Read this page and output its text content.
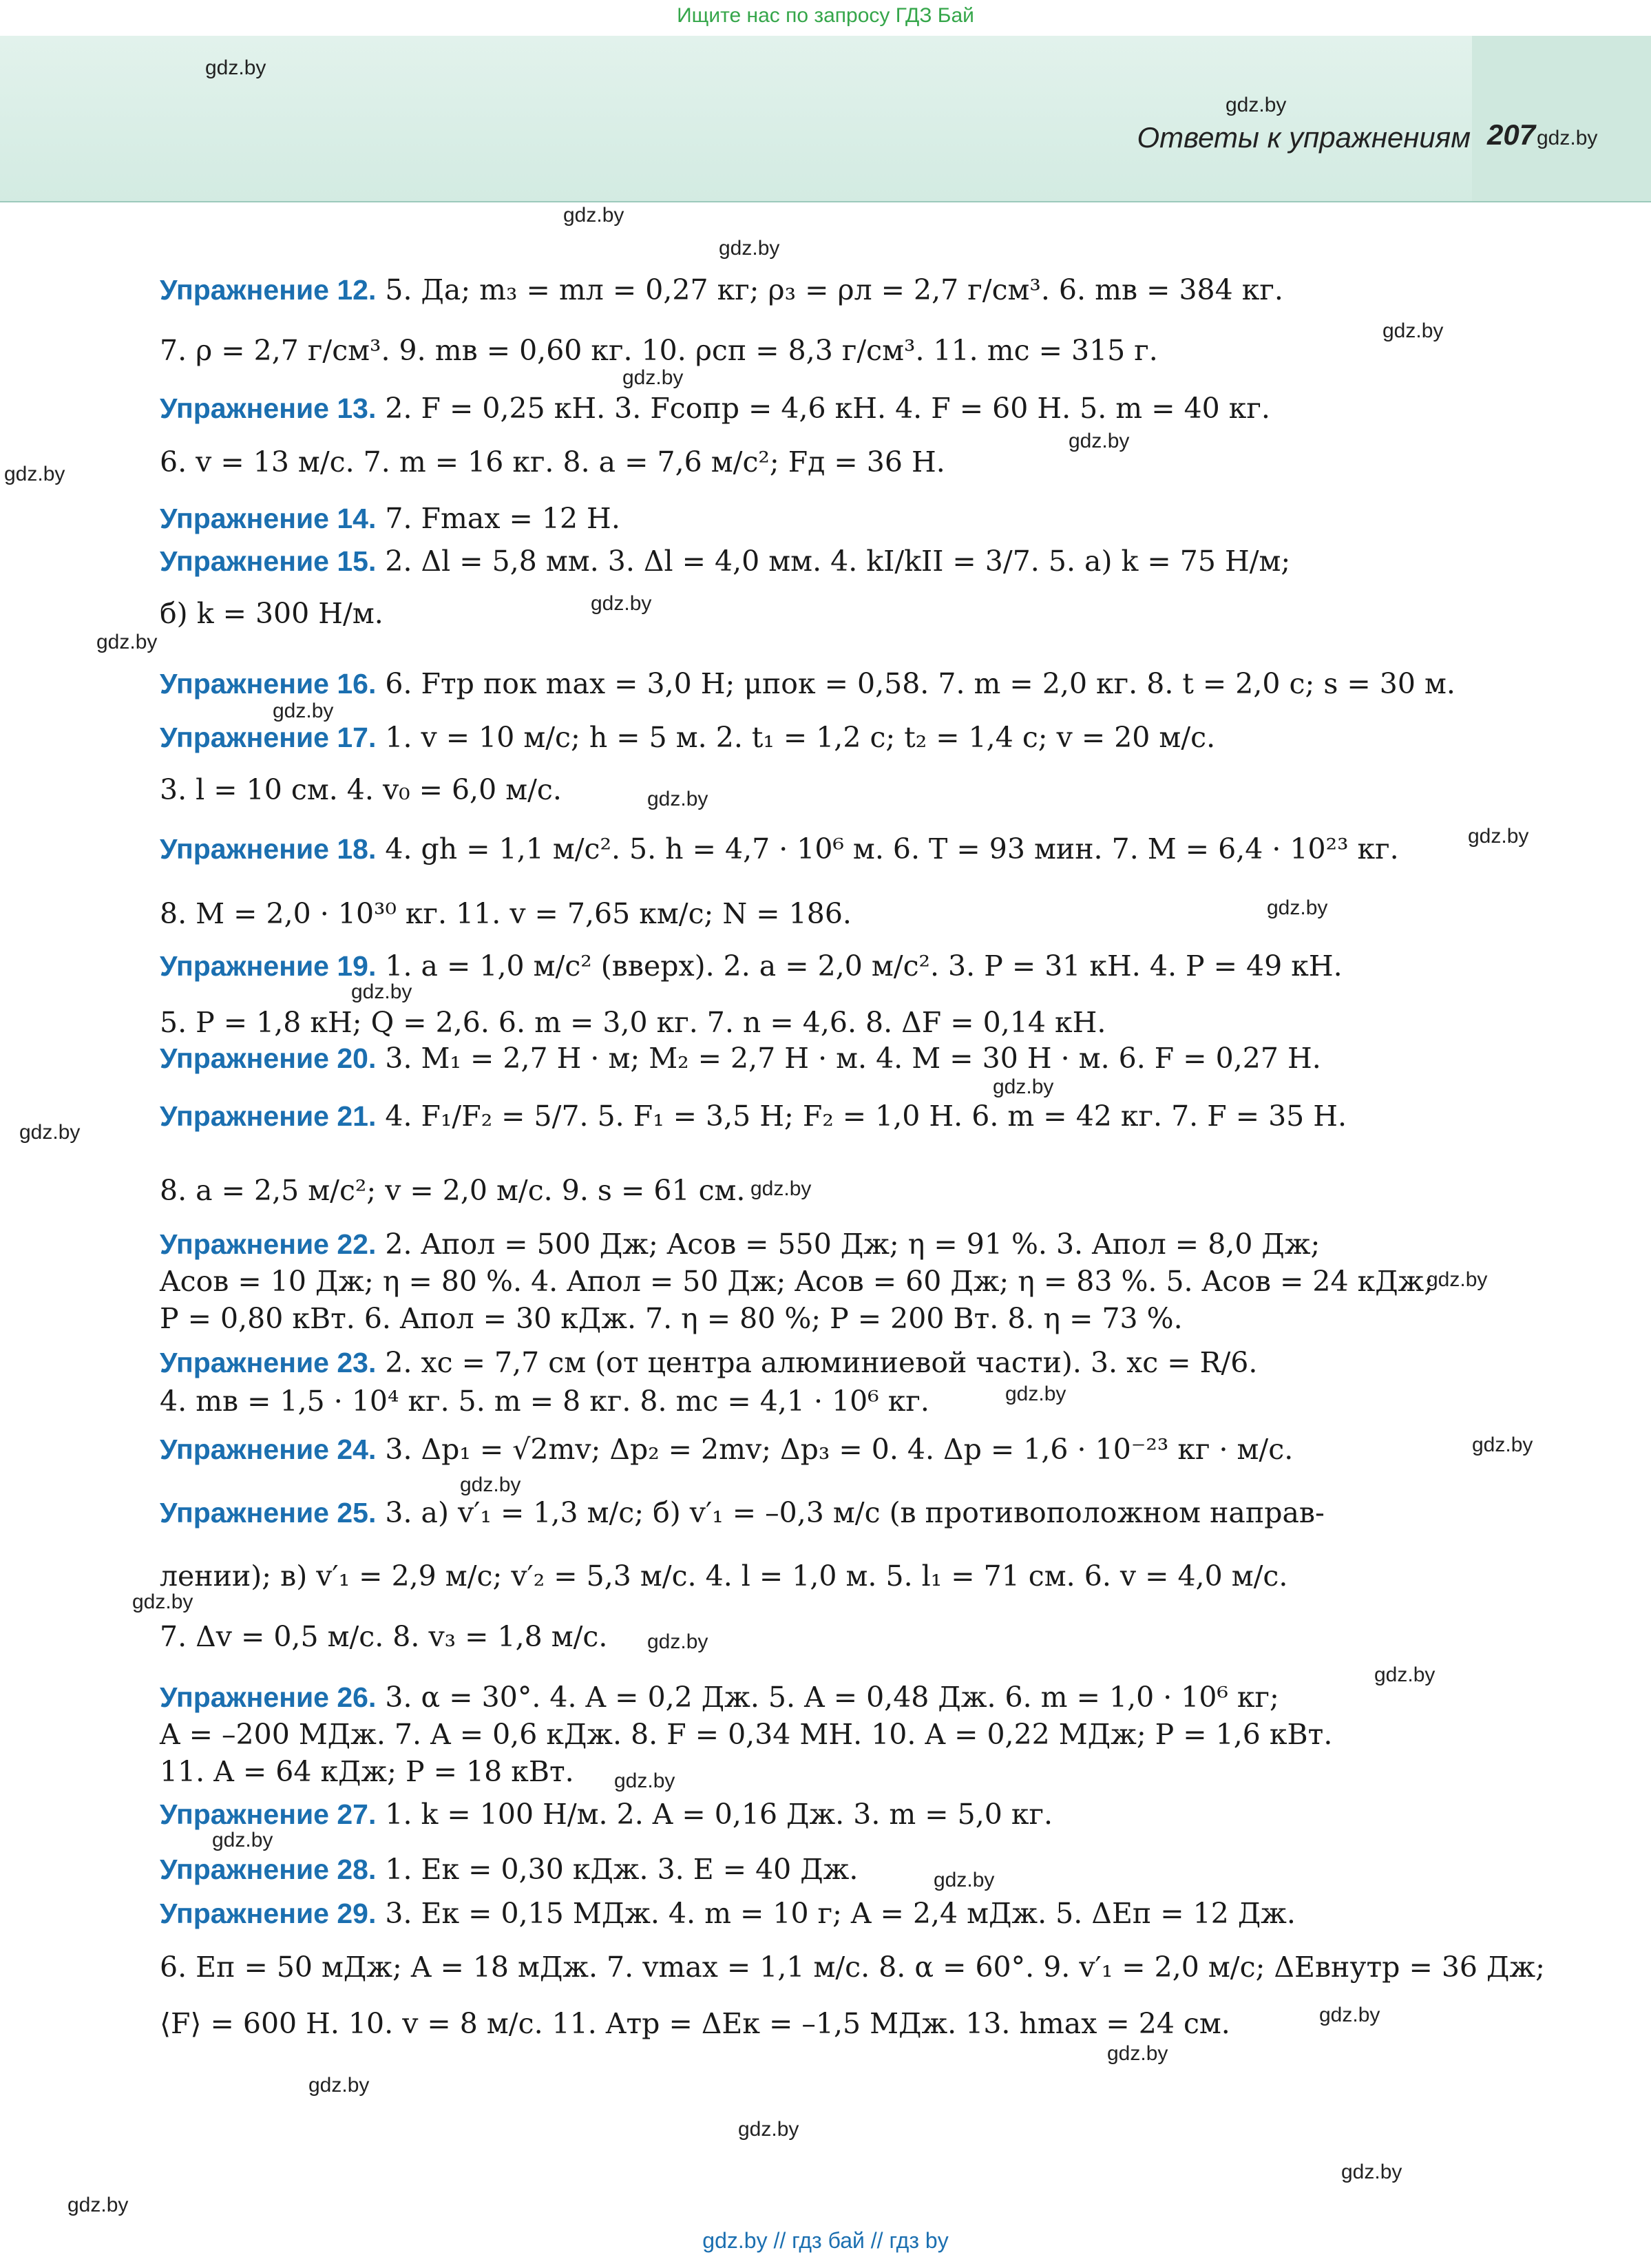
Ищите нас по запросу ГДЗ Бай
Ответы к упражнениям 207
gdz.by
gdz.by
gdz.by
gdz.by
gdz.by
gdz.by
gdz.by
gdz.by
gdz.by
gdz.by
gdz.by
gdz.by
gdz.by
gdz.by
gdz.by
gdz.by
gdz.by
gdz.by
gdz.by
gdz.by
gdz.by
gdz.by
gdz.by
gdz.by
gdz.by
gdz.by
gdz.by
gdz.by
gdz.by
gdz.by
gdz.by
gdz.by
gdz.by
gdz.by
gdz.by
Упражнение 12. 5. Да; m₃ = mл = 0,27 кг; ρ₃ = ρл = 2,7 г/см³. 6. mв = 384 кг.
7. ρ = 2,7 г/см³. 9. mв = 0,60 кг. 10. ρсп = 8,3 г/см³. 11. mс = 315 г.
Упражнение 13. 2. F = 0,25 кН. 3. Fсопр = 4,6 кН. 4. F = 60 Н. 5. m = 40 кг.
6. v = 13 м/с. 7. m = 16 кг. 8. a = 7,6 м/с²; Fд = 36 Н.
Упражнение 14. 7. Fmax = 12 Н.
Упражнение 15. 2. Δl = 5,8 мм. 3. Δl = 4,0 мм. 4. kI/kII = 3/7. 5. а) k = 75 Н/м;
б) k = 300 Н/м.
Упражнение 16. 6. Fтр пок max = 3,0 Н; μпок = 0,58. 7. m = 2,0 кг. 8. t = 2,0 с; s = 30 м.
Упражнение 17. 1. v = 10 м/с; h = 5 м. 2. t₁ = 1,2 с; t₂ = 1,4 с; v = 20 м/с.
3. l = 10 см. 4. v₀ = 6,0 м/с.
Упражнение 18. 4. gh = 1,1 м/с². 5. h = 4,7 · 10⁶ м. 6. T = 93 мин. 7. M = 6,4 · 10²³ кг.
8. M = 2,0 · 10³⁰ кг. 11. v = 7,65 км/с; N = 186.
Упражнение 19. 1. a = 1,0 м/с² (вверх). 2. a = 2,0 м/с². 3. P = 31 кН. 4. P = 49 кН.
5. P = 1,8 кН; Q = 2,6. 6. m = 3,0 кг. 7. n = 4,6. 8. ΔF = 0,14 кН.
Упражнение 20. 3. M₁ = 2,7 Н · м; M₂ = 2,7 Н · м. 4. M = 30 Н · м. 6. F = 0,27 Н.
Упражнение 21. 4. F₁/F₂ = 5/7. 5. F₁ = 3,5 Н; F₂ = 1,0 Н. 6. m = 42 кг. 7. F = 35 Н.
8. a = 2,5 м/с²; v = 2,0 м/с. 9. s = 61 см.
Упражнение 22. 2. Aпол = 500 Дж; Aсов = 550 Дж; η = 91 %. 3. Aпол = 8,0 Дж;
Aсов = 10 Дж; η = 80 %. 4. Aпол = 50 Дж; Aсов = 60 Дж; η = 83 %. 5. Aсов = 24 кДж;
P = 0,80 кВт. 6. Aпол = 30 кДж. 7. η = 80 %; P = 200 Вт. 8. η = 73 %.
Упражнение 23. 2. xc = 7,7 см (от центра алюминиевой части). 3. xc = R/6.
4. mв = 1,5 · 10⁴ кг. 5. m = 8 кг. 8. mc = 4,1 · 10⁶ кг.
Упражнение 24. 3. Δp₁ = √2mv; Δp₂ = 2mv; Δp₃ = 0. 4. Δp = 1,6 · 10⁻²³ кг · м/с.
Упражнение 25. 3. а) v′₁ = 1,3 м/с; б) v′₁ = –0,3 м/с (в противоположном направ-
лении); в) v′₁ = 2,9 м/с; v′₂ = 5,3 м/с. 4. l = 1,0 м. 5. l₁ = 71 см. 6. v = 4,0 м/с.
7. Δv = 0,5 м/с. 8. v₃ = 1,8 м/с.
Упражнение 26. 3. α = 30°. 4. A = 0,2 Дж. 5. A = 0,48 Дж. 6. m = 1,0 · 10⁶ кг;
A = –200 МДж. 7. A = 0,6 кДж. 8. F = 0,34 МН. 10. A = 0,22 МДж; P = 1,6 кВт.
11. A = 64 кДж; P = 18 кВт.
Упражнение 27. 1. k = 100 Н/м. 2. A = 0,16 Дж. 3. m = 5,0 кг.
Упражнение 28. 1. Eк = 0,30 кДж. 3. E = 40 Дж.
Упражнение 29. 3. Eк = 0,15 МДж. 4. m = 10 г; A = 2,4 мДж. 5. ΔEп = 12 Дж.
6. Eп = 50 мДж; A = 18 мДж. 7. vmax = 1,1 м/с. 8. α = 60°. 9. v′₁ = 2,0 м/с; ΔEвнутр = 36 Дж;
⟨F⟩ = 600 Н. 10. v = 8 м/с. 11. Aтр = ΔEк = –1,5 МДж. 13. hmax = 24 см.
gdz.by // гдз бай // гдз by
